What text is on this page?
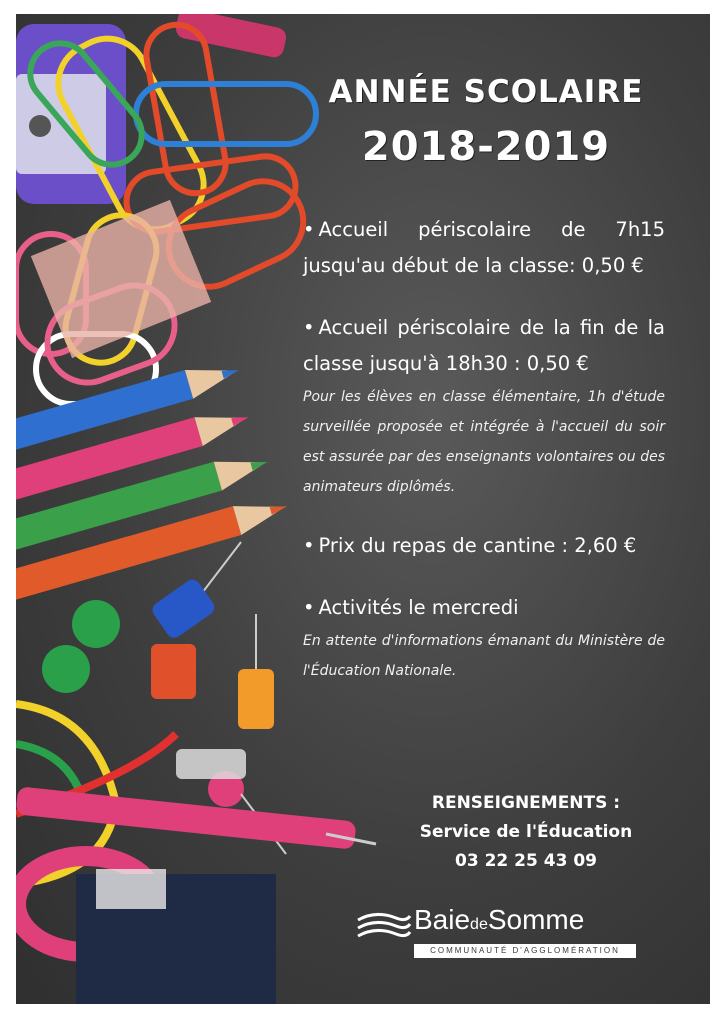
ANNÉE SCOLAIRE
2018-2019
• Accueil périscolaire de 7h15 jusqu'au début de la classe: 0,50 €
• Accueil périscolaire de la fin de la classe jusqu'à 18h30 : 0,50 €
Pour les élèves en classe élémentaire, 1h d'étude surveillée proposée et intégrée à l'accueil du soir est assurée par des enseignants volontaires ou des animateurs diplômés.
• Prix du repas de cantine : 2,60 €
• Activités le mercredi
En attente d'informations émanant du Ministère de l'Éducation Nationale.
RENSEIGNEMENTS :
Service de l'Éducation
03 22 25 43 09
BaiedeSomme
COMMUNAUTÉ D'AGGLOMÉRATION
